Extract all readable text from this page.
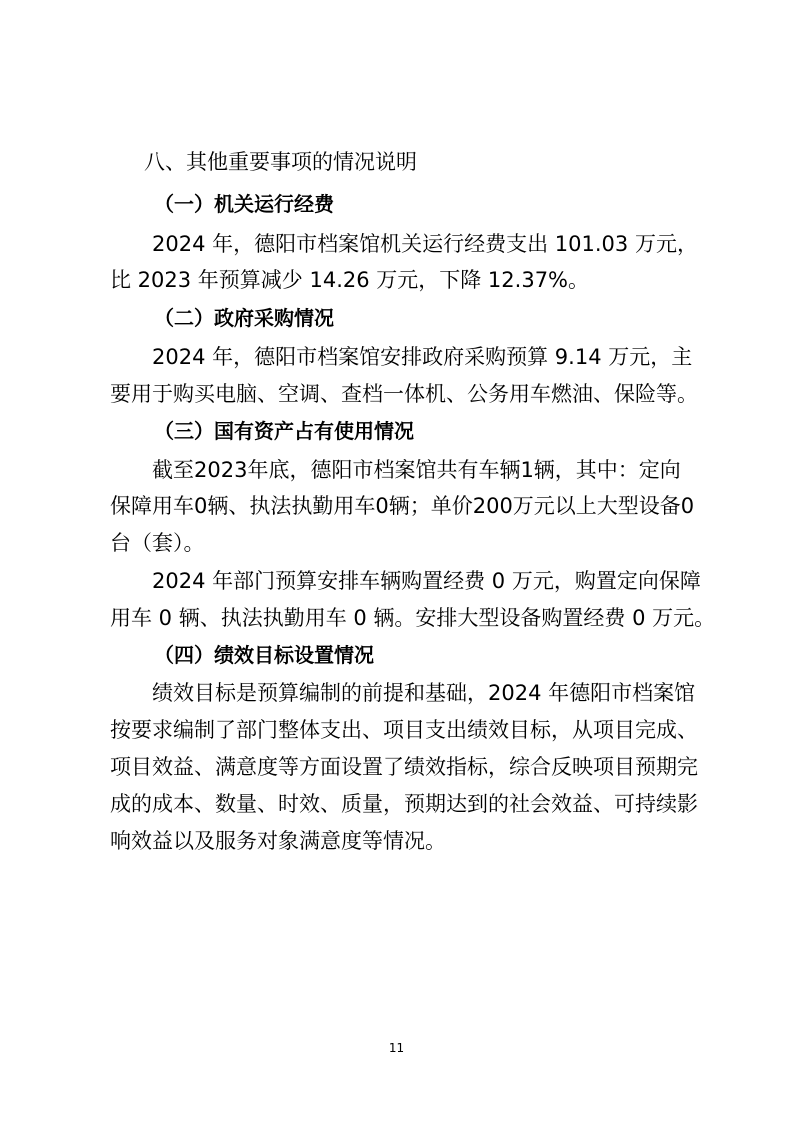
八、其他重要事项的情况说明
（一）机关运行经费
2024 年，德阳市档案馆机关运行经费支出 101.03 万元，
比 2023 年预算减少 14.26 万元，下降 12.37%。
（二）政府采购情况
2024 年，德阳市档案馆安排政府采购预算 9.14 万元，主
要用于购买电脑、空调、查档一体机、公务用车燃油、保险等。
（三）国有资产占有使用情况
截至2023年底，德阳市档案馆共有车辆1辆，其中：定向
保障用车0辆、执法执勤用车0辆；单价200万元以上大型设备0
台（套）。
2024 年部门预算安排车辆购置经费 0 万元，购置定向保障
用车 0 辆、执法执勤用车 0 辆。安排大型设备购置经费 0 万元。
（四）绩效目标设置情况
绩效目标是预算编制的前提和基础，2024 年德阳市档案馆
按要求编制了部门整体支出、项目支出绩效目标，从项目完成、
项目效益、满意度等方面设置了绩效指标，综合反映项目预期完
成的成本、数量、时效、质量，预期达到的社会效益、可持续影
响效益以及服务对象满意度等情况。
11
